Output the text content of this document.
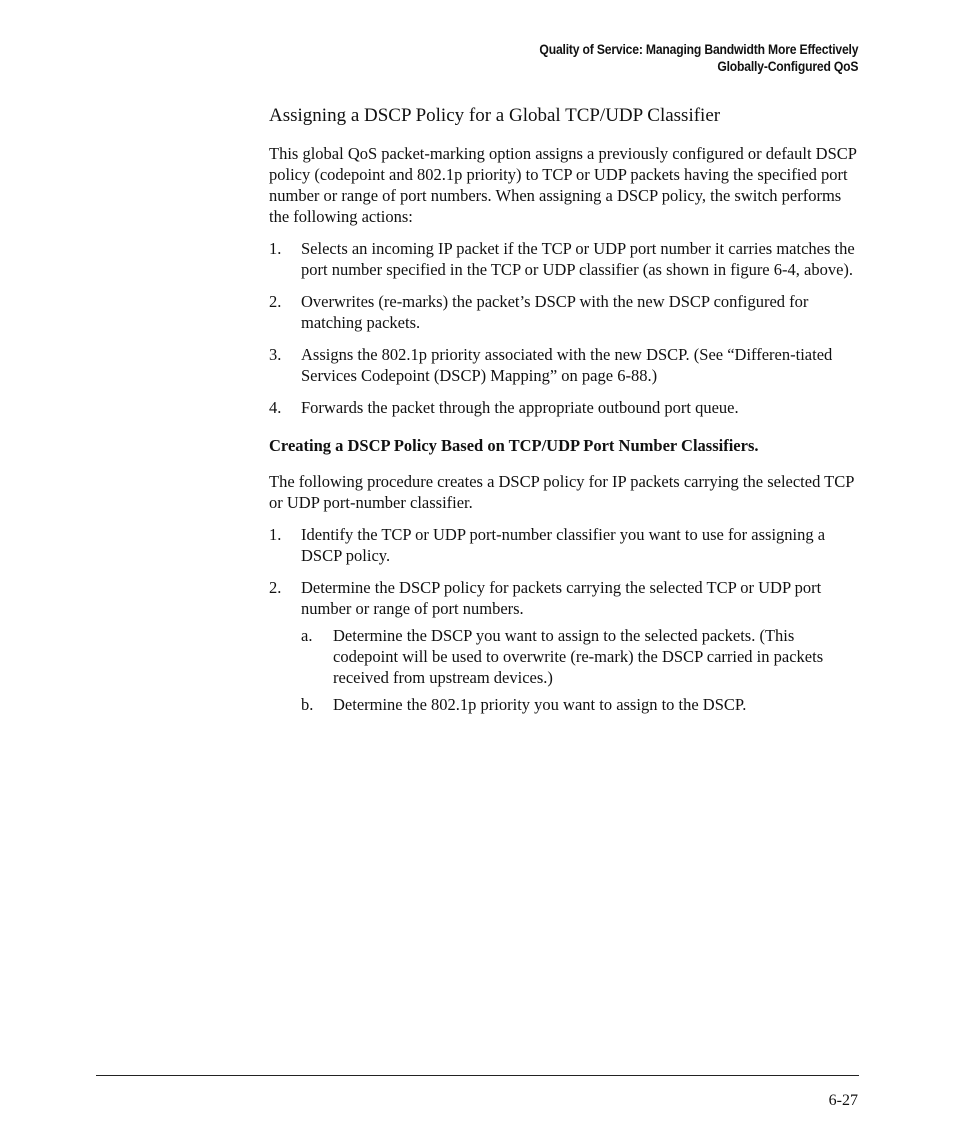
Quality of Service: Managing Bandwidth More Effectively
Globally-Configured QoS
Assigning a DSCP Policy for a Global TCP/UDP Classifier

This global QoS packet-marking option assigns a previously configured or default DSCP policy (codepoint and 802.1p priority) to TCP or UDP packets having the specified port number or range of port numbers. When assigning a DSCP policy, the switch performs the following actions:

1.	Selects an incoming IP packet if the TCP or UDP port number it carries matches the port number specified in the TCP or UDP classifier (as shown in figure 6-4, above).
2.	Overwrites (re-marks) the packet’s DSCP with the new DSCP configured for matching packets.
3.	Assigns the 802.1p priority associated with the new DSCP. (See “Differen-tiated Services Codepoint (DSCP) Mapping” on page 6-88.)
4.	Forwards the packet through the appropriate outbound port queue.
Creating a DSCP Policy Based on TCP/UDP Port Number Classifiers.

The following procedure creates a DSCP policy for IP packets carrying the selected TCP or UDP port-number classifier.

1.	Identify the TCP or UDP port-number classifier you want to use for assigning a DSCP policy.
2.	Determine the DSCP policy for packets carrying the selected TCP or UDP port number or range of port numbers.
a.	Determine the DSCP you want to assign to the selected packets. (This codepoint will be used to overwrite (re-mark) the DSCP carried in packets received from upstream devices.)
b.	Determine the 802.1p priority you want to assign to the DSCP.
6-27
